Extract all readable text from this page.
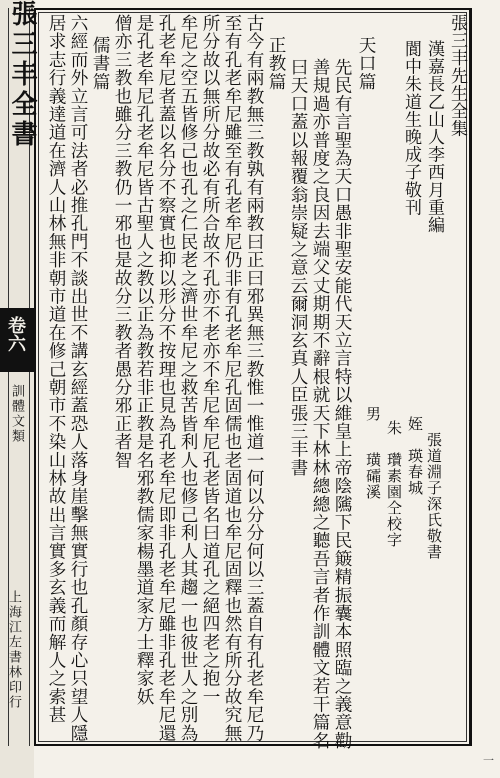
張三丰全書
卷六
訓體文類
上海江左書林印行
張三丰先生全集
漢嘉長乙山人李西月重編
閬中朱道生晚成子敬刊
張道淵子深氏敬書
姪
瑛春城
朱
瓚素園仝校字
男
璜礵溪
天口篇
先民有言聖為天口愚非聖安能代天立言特以維皇上帝陰隲下民簸精振囊本照臨之義意勸
善規過亦普度之良因去端父丈期期不辭根就天下林林總總之聽吾言者作訓體文若干篇名
曰天口蓋以報覆翁崇疑之意云爾洞玄真人臣張三丰書
正教篇
古今有兩教無三教孰有兩教曰正曰邪異無三教惟一惟道一何以分分何以三蓋自有孔老牟尼乃
至有孔老牟尼雖至有孔老牟尼仍非有孔老牟尼孔固儒也老固道也牟尼固釋也然有所分故究無
所分故以無所分故必有所合故不孔亦不老亦不牟尼牟尼孔老皆名曰道孔之絕四老之抱一
牟尼之空五皆修己也孔之仁民老之濟世牟尼之救苦皆利人也修己利人其趨一也彼世人之別為
孔老牟尼者蓋以名分不察實也抑以形分不按理也見為孔老牟尼即非孔老牟尼雖非孔老牟尼還
是孔老牟尼孔老牟尼皆古聖人之教以正為教若非正教是名邪教儒家楊墨道家方士釋家妖
僧亦三教也雖分三教仍一邪也是故分三教者愚分邪正者智
儒書篇
六經而外立言可法者必推孔門不談出世不講玄經蓋恐人落身崖擊無實行也孔顏存心只望人隱
居求志行義達道在濟人山林無非朝市道在修己朝市不染山林故出言實多玄義而解人之索甚
一
